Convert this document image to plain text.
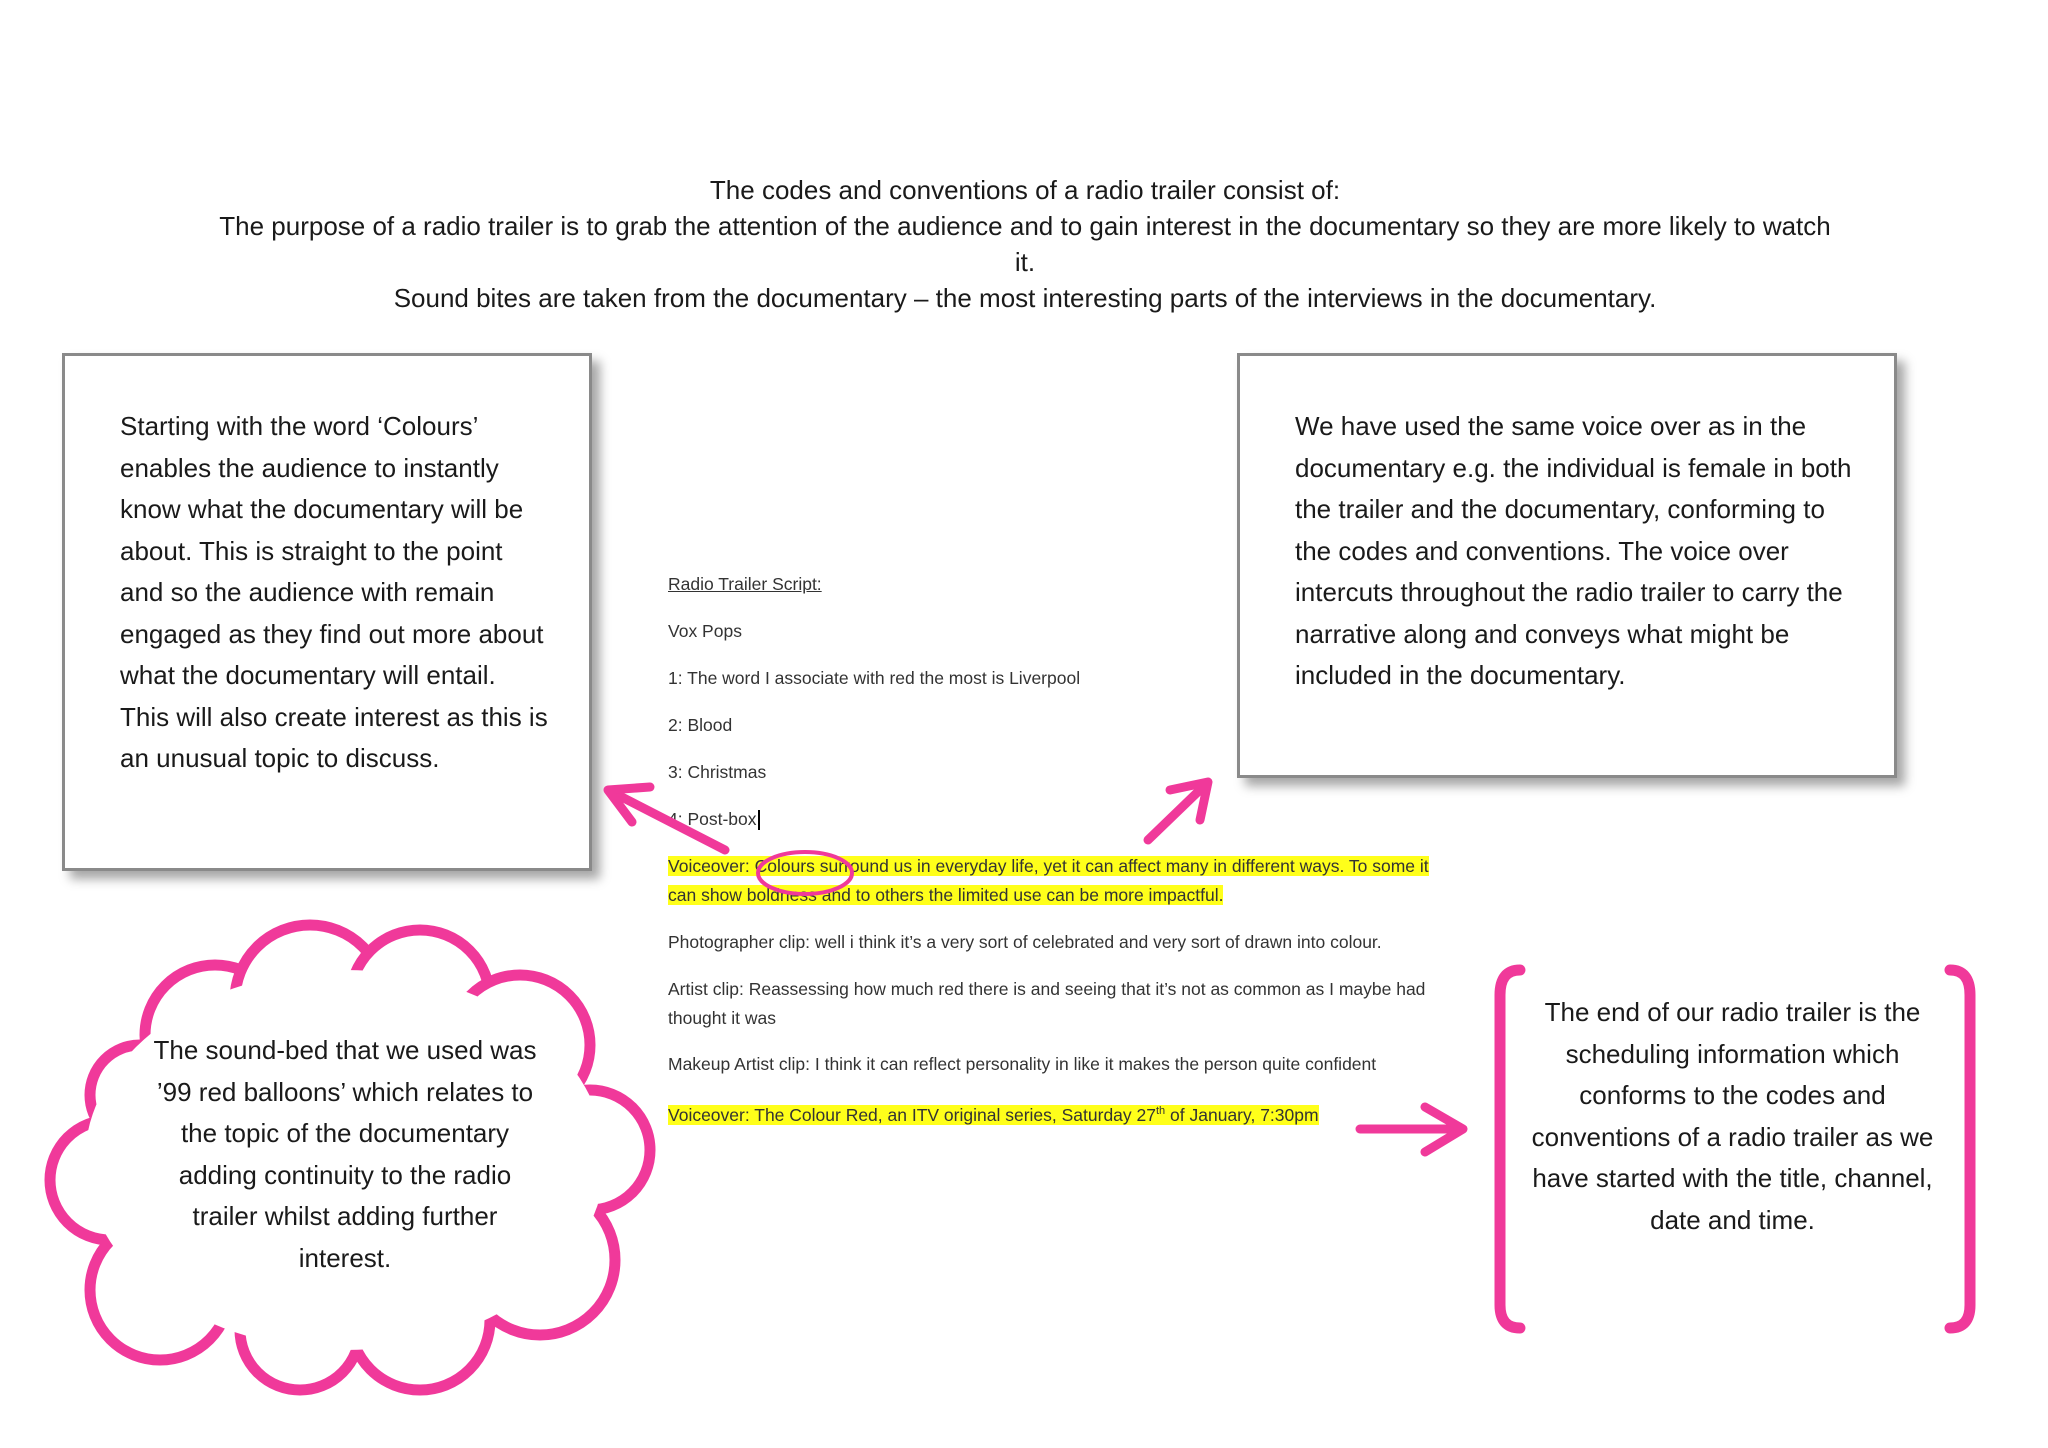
The codes and conventions of a radio trailer consist of:
The purpose of a radio trailer is to grab the attention of the audience and to gain interest in the documentary so they are more likely to watch
it.
Sound bites are taken from the documentary – the most interesting parts of the interviews in the documentary.
Starting with the word ‘Colours’ enables the audience to instantly know what the documentary will be about. This is straight to the point and so the audience with remain engaged as they find out more about what the documentary will entail. This will also create interest as this is an unusual topic to discuss.
We have used the same voice over as in the documentary e.g. the individual is female in both the trailer and the documentary, conforming to the codes and conventions. The voice over intercuts throughout the radio trailer to carry the narrative along and conveys what might be included in the documentary.
Radio Trailer Script:
Vox Pops
1: The word I associate with red the most is Liverpool
2: Blood
3: Christmas
4: Post-box
Voiceover: Colours surround us in everyday life, yet it can affect many in different ways. To some it
can show boldness and to others the limited use can be more impactful.
Photographer clip: well i think it’s a very sort of celebrated and very sort of drawn into colour.
Artist clip: Reassessing how much red there is and seeing that it’s not as common as I maybe had
thought it was
Makeup Artist clip: I think it can reflect personality in like it makes the person quite confident
Voiceover: The Colour Red, an ITV original series, Saturday 27th of January, 7:30pm
The sound-bed that we used was ’99 red balloons’ which relates to the topic of the documentary adding continuity to the radio trailer whilst adding further interest.
The end of our radio trailer is the scheduling information which conforms to the codes and conventions of a radio trailer as we have started with the title, channel, date and time.
